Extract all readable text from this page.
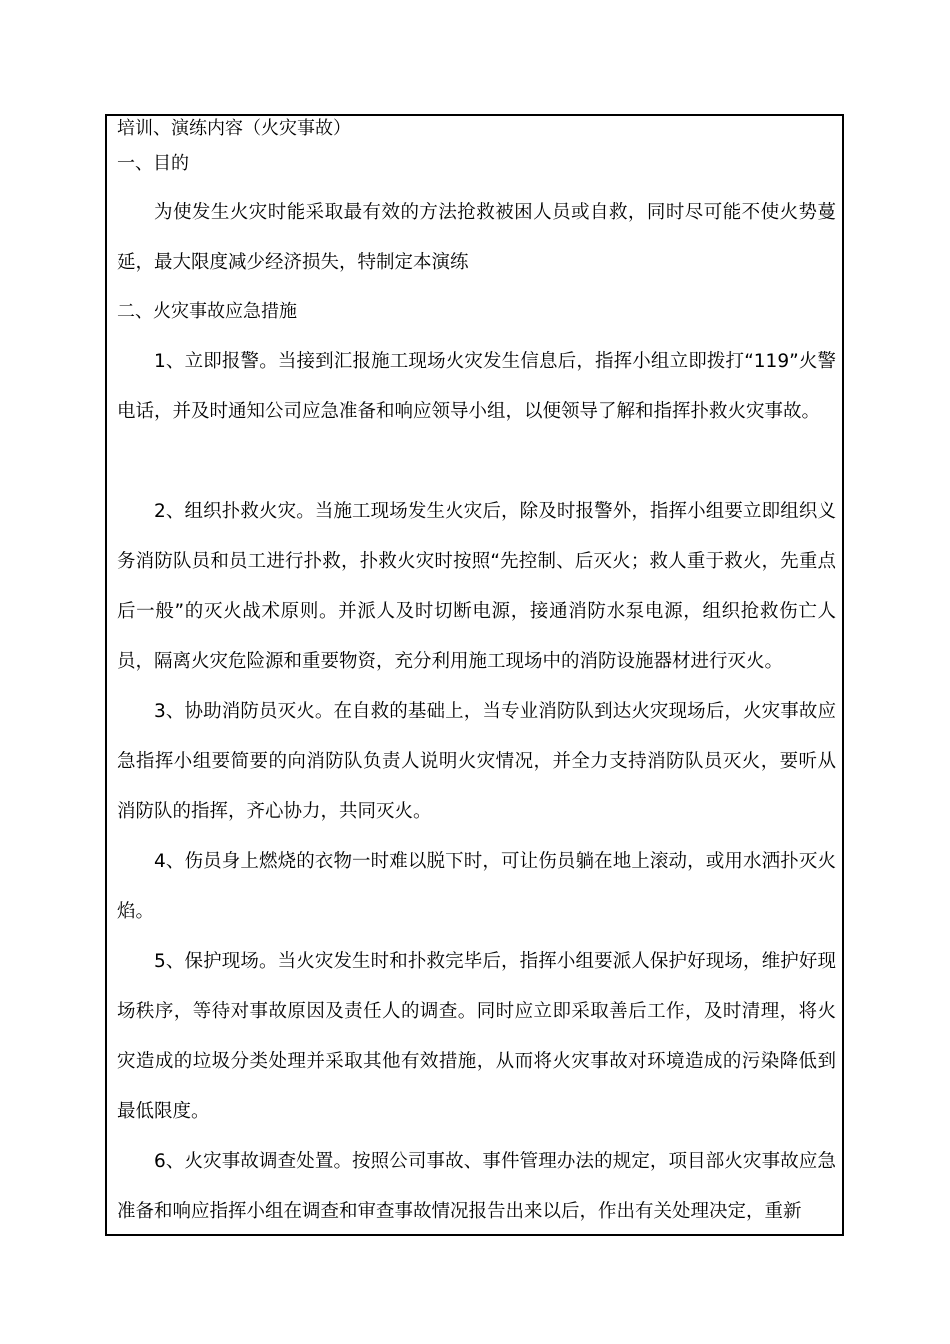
培训、演练内容（火灾事故）
一、目的

为使发生火灾时能采取最有效的方法抢救被困人员或自救，同时尽可能不使火势蔓延，最大限度减少经济损失，特制定本演练

二、火灾事故应急措施

1、立即报警。当接到汇报施工现场火灾发生信息后，指挥小组立即拨打“119”火警电话，并及时通知公司应急准备和响应领导小组，以便领导了解和指挥扑救火灾事故。

2、组织扑救火灾。当施工现场发生火灾后，除及时报警外，指挥小组要立即组织义务消防队员和员工进行扑救，扑救火灾时按照“先控制、后灭火；救人重于救火，先重点后一般”的灭火战术原则。并派人及时切断电源，接通消防水泵电源，组织抢救伤亡人员，隔离火灾危险源和重要物资，充分利用施工现场中的消防设施器材进行灭火。

3、协助消防员灭火。在自救的基础上，当专业消防队到达火灾现场后，火灾事故应急指挥小组要简要的向消防队负责人说明火灾情况，并全力支持消防队员灭火，要听从消防队的指挥，齐心协力，共同灭火。

4、伤员身上燃烧的衣物一时难以脱下时，可让伤员躺在地上滚动，或用水洒扑灭火焰。

5、保护现场。当火灾发生时和扑救完毕后，指挥小组要派人保护好现场，维护好现场秩序，等待对事故原因及责任人的调查。同时应立即采取善后工作，及时清理，将火灾造成的垃圾分类处理并采取其他有效措施，从而将火灾事故对环境造成的污染降低到最低限度。

6、火灾事故调查处置。按照公司事故、事件管理办法的规定，项目部火灾事故应急准备和响应指挥小组在调查和审查事故情况报告出来以后，作出有关处理决定，重新
